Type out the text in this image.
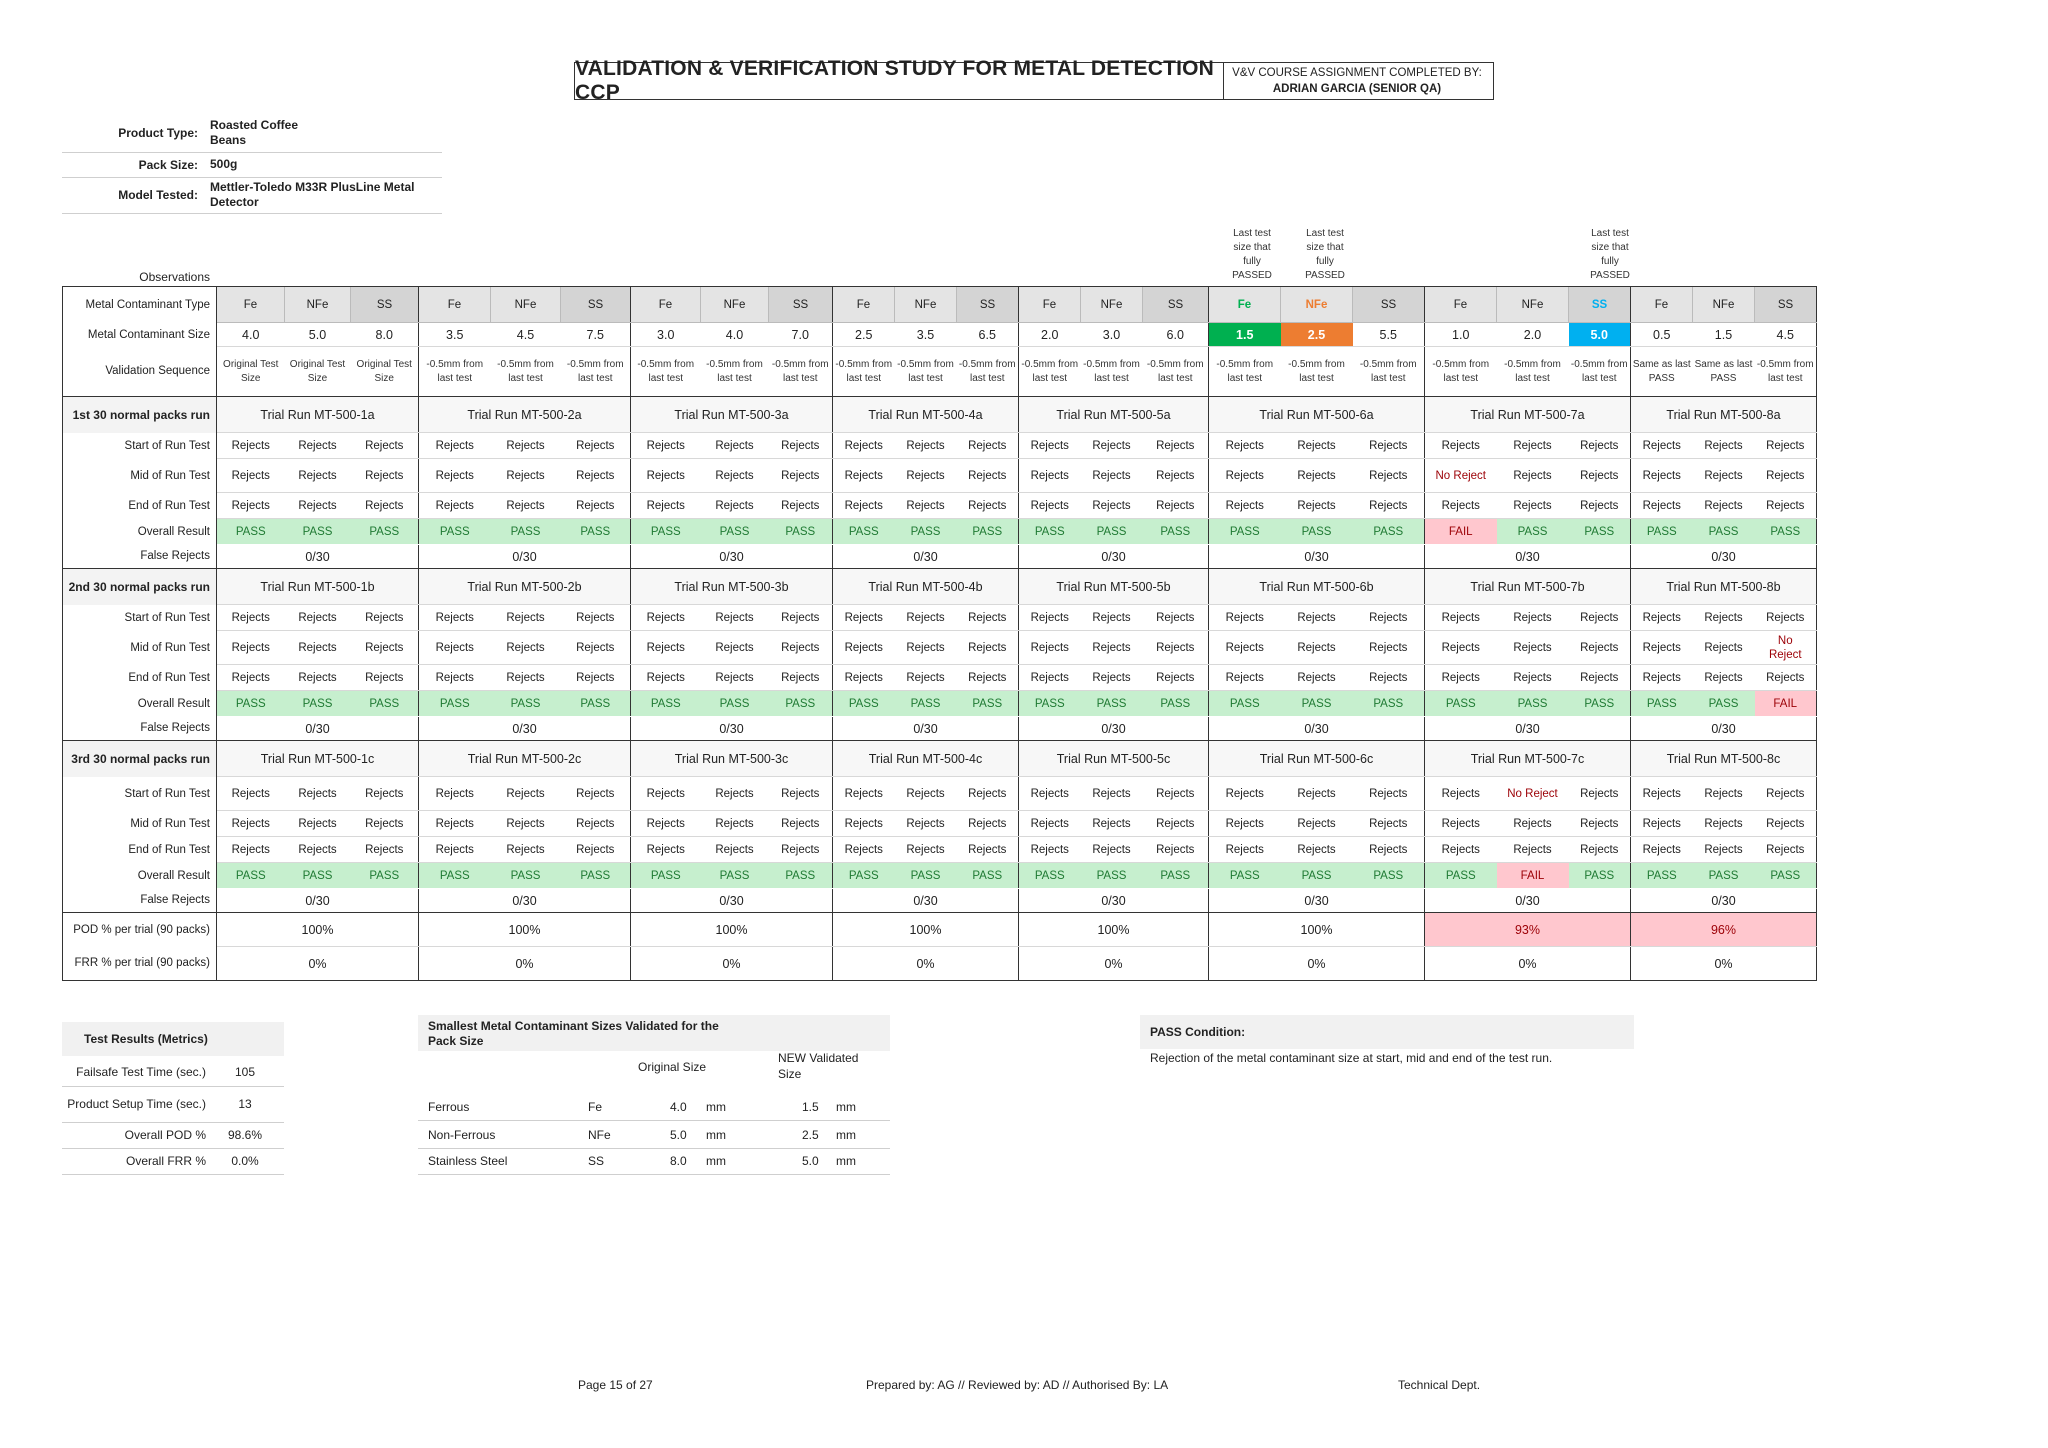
VALIDATION & VERIFICATION STUDY FOR METAL DETECTION CCP
V&V COURSE ASSIGNMENT COMPLETED BY:
ADRIAN GARCIA (SENIOR QA)
Product Type:
Roasted Coffee
Beans
Pack Size:	500g
Model Tested:
Mettler-Toledo M33R PlusLine Metal
Detector
Last test
size that
fully
PASSED
Last test
size that
fully
PASSED
Last test
size that
fully
PASSED
Observations
Metal Contaminant Type	Fe	NFe	SS	Fe	NFe	SS	Fe	NFe	SS	Fe	NFe	SS	Fe	NFe	SS	Fe	NFe	SS	Fe	NFe	SS	Fe	NFe	SS
Metal Contaminant Size	4.0	5.0	8.0	3.5	4.5	7.5	3.0	4.0	7.0	2.5	3.5	6.5	2.0	3.0	6.0	1.5	2.5	5.5	1.0	2.0	5.0	0.5	1.5	4.5
Validation Sequence	Original Test Size	Original Test Size	Original Test Size	-0.5mm from last test	-0.5mm from last test	-0.5mm from last test	-0.5mm from last test	-0.5mm from last test	-0.5mm from last test	-0.5mm from last test	-0.5mm from last test	-0.5mm from last test	-0.5mm from last test	-0.5mm from last test	-0.5mm from last test	-0.5mm from last test	-0.5mm from last test	-0.5mm from last test	-0.5mm from last test	-0.5mm from last test	-0.5mm from last test	Same as last PASS	Same as last PASS	-0.5mm from last test
1st 30 normal packs run	Trial Run MT-500-1a			Trial Run MT-500-2a			Trial Run MT-500-3a			Trial Run MT-500-4a			Trial Run MT-500-5a			Trial Run MT-500-6a			Trial Run MT-500-7a			Trial Run MT-500-8a		
Start of Run Test	Rejects	Rejects	Rejects	Rejects	Rejects	Rejects	Rejects	Rejects	Rejects	Rejects	Rejects	Rejects	Rejects	Rejects	Rejects	Rejects	Rejects	Rejects	Rejects	Rejects	Rejects	Rejects	Rejects	Rejects
Mid of Run Test	Rejects	Rejects	Rejects	Rejects	Rejects	Rejects	Rejects	Rejects	Rejects	Rejects	Rejects	Rejects	Rejects	Rejects	Rejects	Rejects	Rejects	Rejects	No Reject	Rejects	Rejects	Rejects	Rejects	Rejects
End of Run Test	Rejects	Rejects	Rejects	Rejects	Rejects	Rejects	Rejects	Rejects	Rejects	Rejects	Rejects	Rejects	Rejects	Rejects	Rejects	Rejects	Rejects	Rejects	Rejects	Rejects	Rejects	Rejects	Rejects	Rejects
Overall Result	PASS	PASS	PASS	PASS	PASS	PASS	PASS	PASS	PASS	PASS	PASS	PASS	PASS	PASS	PASS	PASS	PASS	PASS	FAIL	PASS	PASS	PASS	PASS	PASS
False Rejects	0/30			0/30			0/30			0/30			0/30			0/30			0/30			0/30		
2nd 30 normal packs run	Trial Run MT-500-1b			Trial Run MT-500-2b			Trial Run MT-500-3b			Trial Run MT-500-4b			Trial Run MT-500-5b			Trial Run MT-500-6b			Trial Run MT-500-7b			Trial Run MT-500-8b		
Start of Run Test	Rejects	Rejects	Rejects	Rejects	Rejects	Rejects	Rejects	Rejects	Rejects	Rejects	Rejects	Rejects	Rejects	Rejects	Rejects	Rejects	Rejects	Rejects	Rejects	Rejects	Rejects	Rejects	Rejects	Rejects
Mid of Run Test	Rejects	Rejects	Rejects	Rejects	Rejects	Rejects	Rejects	Rejects	Rejects	Rejects	Rejects	Rejects	Rejects	Rejects	Rejects	Rejects	Rejects	Rejects	Rejects	Rejects	Rejects	Rejects	Rejects	No Reject
End of Run Test	Rejects	Rejects	Rejects	Rejects	Rejects	Rejects	Rejects	Rejects	Rejects	Rejects	Rejects	Rejects	Rejects	Rejects	Rejects	Rejects	Rejects	Rejects	Rejects	Rejects	Rejects	Rejects	Rejects	Rejects
Overall Result	PASS	PASS	PASS	PASS	PASS	PASS	PASS	PASS	PASS	PASS	PASS	PASS	PASS	PASS	PASS	PASS	PASS	PASS	PASS	PASS	PASS	PASS	PASS	FAIL
False Rejects	0/30			0/30			0/30			0/30			0/30			0/30			0/30			0/30		
3rd 30 normal packs run	Trial Run MT-500-1c			Trial Run MT-500-2c			Trial Run MT-500-3c			Trial Run MT-500-4c			Trial Run MT-500-5c			Trial Run MT-500-6c			Trial Run MT-500-7c			Trial Run MT-500-8c		
Start of Run Test	Rejects	Rejects	Rejects	Rejects	Rejects	Rejects	Rejects	Rejects	Rejects	Rejects	Rejects	Rejects	Rejects	Rejects	Rejects	Rejects	Rejects	Rejects	Rejects	No Reject	Rejects	Rejects	Rejects	Rejects
Mid of Run Test	Rejects	Rejects	Rejects	Rejects	Rejects	Rejects	Rejects	Rejects	Rejects	Rejects	Rejects	Rejects	Rejects	Rejects	Rejects	Rejects	Rejects	Rejects	Rejects	Rejects	Rejects	Rejects	Rejects	Rejects
End of Run Test	Rejects	Rejects	Rejects	Rejects	Rejects	Rejects	Rejects	Rejects	Rejects	Rejects	Rejects	Rejects	Rejects	Rejects	Rejects	Rejects	Rejects	Rejects	Rejects	Rejects	Rejects	Rejects	Rejects	Rejects
Overall Result	PASS	PASS	PASS	PASS	PASS	PASS	PASS	PASS	PASS	PASS	PASS	PASS	PASS	PASS	PASS	PASS	PASS	PASS	PASS	FAIL	PASS	PASS	PASS	PASS
False Rejects	0/30			0/30			0/30			0/30			0/30			0/30			0/30			0/30		
POD % per trial (90 packs)	100%			100%			100%			100%			100%			100%			93%			96%		
FRR % per trial (90 packs)	0%			0%			0%			0%			0%			0%			0%			0%		
Test Results (Metrics)
Failsafe Test Time (sec.)	105
Product Setup Time (sec.)	13
Overall POD %	98.6%
Overall FRR %	0.0%
Smallest Metal Contaminant Sizes Validated for the Pack Size
Original Size
NEW Validated Size
Ferrous	Fe	4.0 mm	1.5 mm
Non-Ferrous	NFe	5.0 mm	2.5 mm
Stainless Steel	SS	8.0 mm	5.0 mm
PASS Condition:
Rejection of the metal contaminant size at start, mid and end of the test run.
Page 15 of 27	Prepared by: AG // Reviewed by: AD // Authorised By: LA	Technical Dept.
